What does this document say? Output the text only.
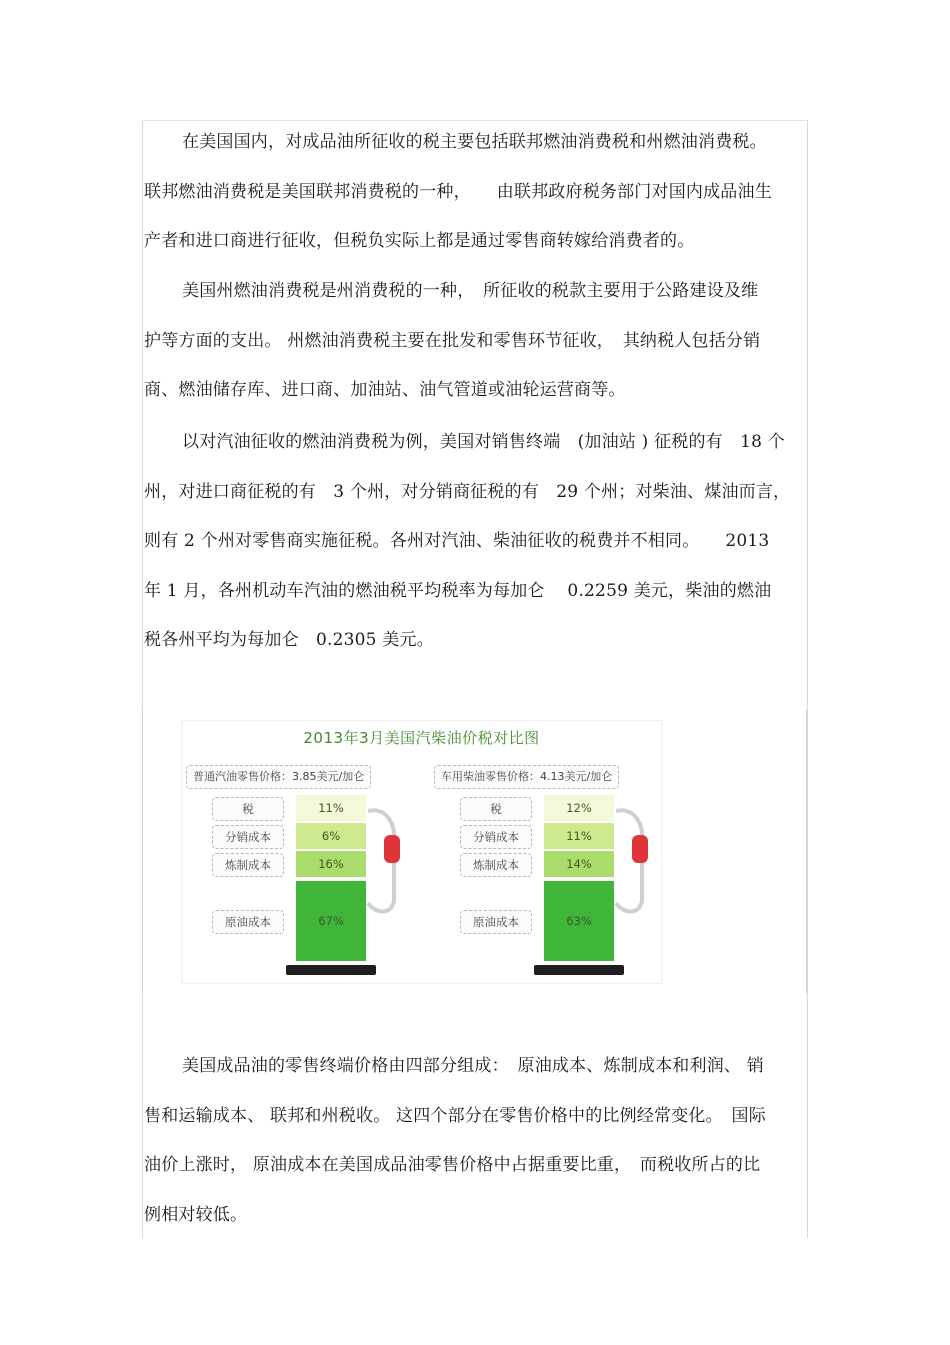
在美国国内，对成品油所征收的税主要包括联邦燃油消费税和州燃油消费税。
联邦燃油消费税是美国联邦消费税的一种，　　由联邦政府税务部门对国内成品油生
产者和进口商进行征收，但税负实际上都是通过零售商转嫁给消费者的。
美国州燃油消费税是州消费税的一种，　所征收的税款主要用于公路建设及维
护等方面的支出。 州燃油消费税主要在批发和零售环节征收，　其纳税人包括分销
商、燃油储存库、进口商、加油站、油气管道或油轮运营商等。
以对汽油征收的燃油消费税为例，美国对销售终端　(加油站 ) 征税的有　18 个
州，对进口商征税的有　3 个州，对分销商征税的有　29 个州；对柴油、煤油而言，
则有 2 个州对零售商实施征税。各州对汽油、柴油征收的税费并不相同。　　2013
年 1 月，各州机动车汽油的燃油税平均税率为每加仑　 0.2259 美元，柴油的燃油
税各州平均为每加仑　0.2305 美元。
2013年3月美国汽柴油价税对比图
普通汽油零售价格：3.85美元/加仑	车用柴油零售价格：4.13美元/加仑
税	11%
分销成本	6%
炼制成本	16%
原油成本	67%
税	12%
分销成本	11%
炼制成本	14%
原油成本	63%
美国成品油的零售终端价格由四部分组成：　原油成本、炼制成本和利润、 销
售和运输成本、 联邦和州税收。 这四个部分在零售价格中的比例经常变化。　国际
油价上涨时， 原油成本在美国成品油零售价格中占据重要比重，　而税收所占的比
例相对较低。
